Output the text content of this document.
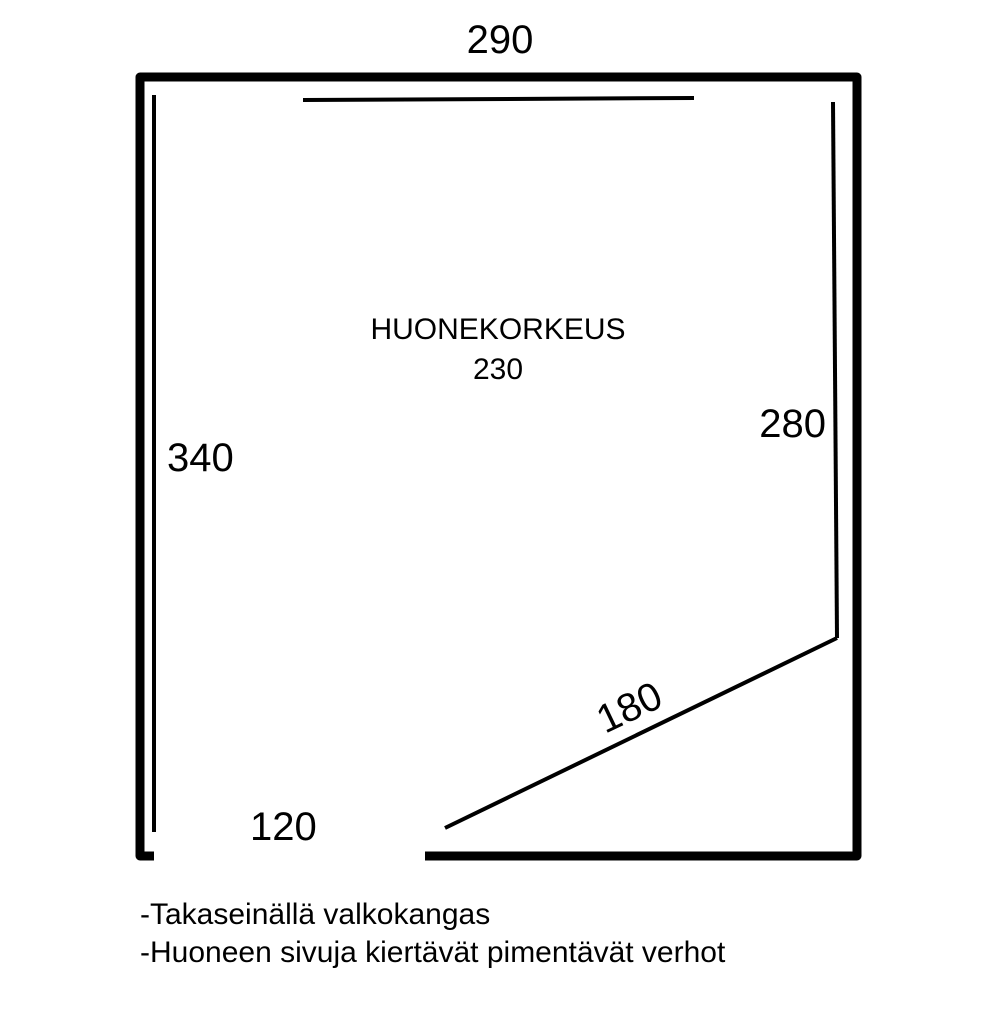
290
340
280
180
120
HUONEKORKEUS
230
-Takaseinällä valkokangas
-Huoneen sivuja kiertävät pimentävät verhot
